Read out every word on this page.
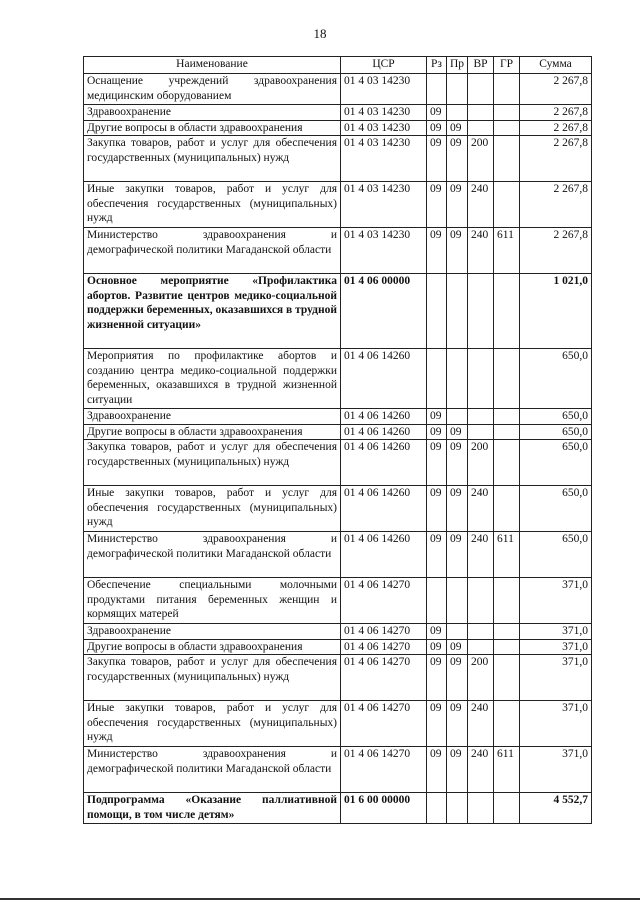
18
Наименование	ЦСР	Рз	Пр	ВР	ГР	Сумма
Оснащение учреждений здравоохранения медицинским оборудованием	01 4 03 14230					2 267,8
Здравоохранение	01 4 03 14230	09				2 267,8
Другие вопросы в области здравоохранения	01 4 03 14230	09	09			2 267,8
Закупка товаров, работ и услуг для обеспечения государственных (муниципальных) нужд	01 4 03 14230	09	09	200		2 267,8
Иные закупки товаров, работ и услуг для обеспечения государственных (муниципальных) нужд	01 4 03 14230	09	09	240		2 267,8
Министерство здравоохранения и демографической политики Магаданской области	01 4 03 14230	09	09	240	611	2 267,8
Основное мероприятие «Профилактика абортов. Развитие центров медико-социальной поддержки беременных, оказавшихся в трудной жизненной ситуации»	01 4 06 00000					1 021,0
Мероприятия по профилактике абортов и созданию центра медико-социальной поддержки беременных, оказавшихся в трудной жизненной ситуации	01 4 06 14260					650,0
Здравоохранение	01 4 06 14260	09				650,0
Другие вопросы в области здравоохранения	01 4 06 14260	09	09			650,0
Закупка товаров, работ и услуг для обеспечения государственных (муниципальных) нужд	01 4 06 14260	09	09	200		650,0
Иные закупки товаров, работ и услуг для обеспечения государственных (муниципальных) нужд	01 4 06 14260	09	09	240		650,0
Министерство здравоохранения и демографической политики Магаданской области	01 4 06 14260	09	09	240	611	650,0
Обеспечение специальными молочными продуктами питания беременных женщин и кормящих матерей	01 4 06 14270					371,0
Здравоохранение	01 4 06 14270	09				371,0
Другие вопросы в области здравоохранения	01 4 06 14270	09	09			371,0
Закупка товаров, работ и услуг для обеспечения государственных (муниципальных) нужд	01 4 06 14270	09	09	200		371,0
Иные закупки товаров, работ и услуг для обеспечения государственных (муниципальных) нужд	01 4 06 14270	09	09	240		371,0
Министерство здравоохранения и демографической политики Магаданской области	01 4 06 14270	09	09	240	611	371,0
Подпрограмма «Оказание паллиативной помощи, в том числе детям»	01 6 00 00000					4 552,7
